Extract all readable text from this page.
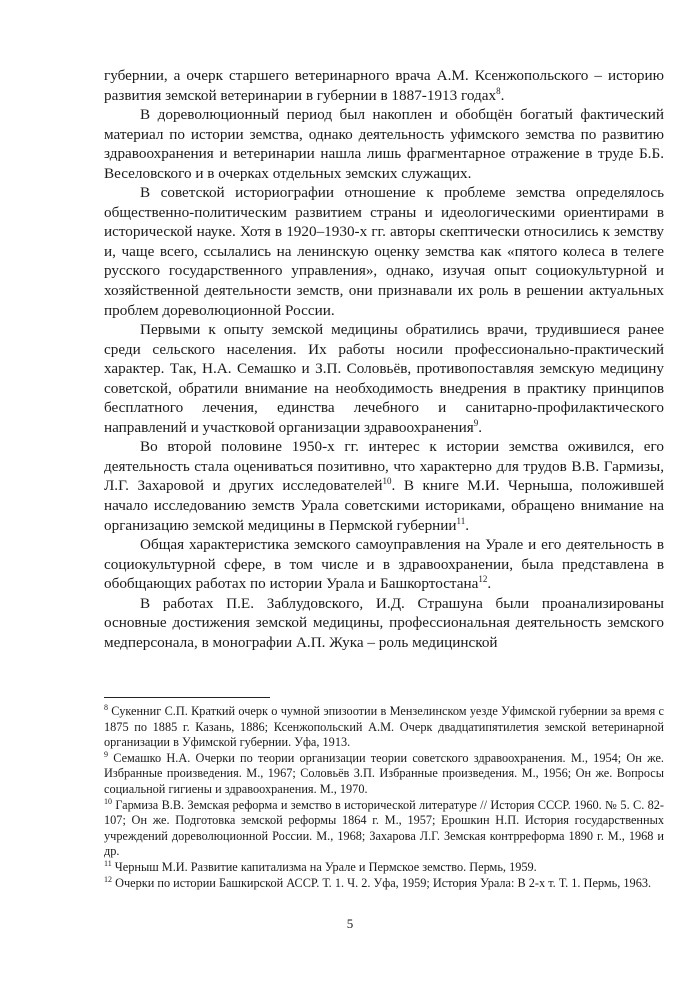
губернии, а очерк старшего ветеринарного врача А.М. Ксенжопольского – историю развития земской ветеринарии в губернии в 1887-1913 годах$^8$.

В дореволюционный период был накоплен и обобщён богатый фактический материал по истории земства, однако деятельность уфимского земства по развитию здравоохранения и ветеринарии нашла лишь фрагментарное отражение в труде Б.Б. Веселовского и в очерках отдельных земских служащих.

В советской историографии отношение к проблеме земства определялось общественно-политическим развитием страны и идеологическими ориентирами в исторической науке. Хотя в 1920–1930-х гг. авторы скептически относились к земству и, чаще всего, ссылались на ленинскую оценку земства как «пятого колеса в телеге русского государственного управления», однако, изучая опыт социокультурной и хозяйственной деятельности земств, они признавали их роль в решении актуальных проблем дореволюционной России.

Первыми к опыту земской медицины обратились врачи, трудившиеся ранее среди сельского населения. Их работы носили профессионально-практический характер. Так, Н.А. Семашко и З.П. Соловьёв, противопоставляя земскую медицину советской, обратили внимание на необходимость внедрения в практику принципов бесплатного лечения, единства лечебного и санитарно-профилактического направлений и участковой организации здравоохранения$^9$.

Во второй половине 1950-х гг. интерес к истории земства оживился, его деятельность стала оцениваться позитивно, что характерно для трудов В.В. Гармизы, Л.Г. Захаровой и других исследователей$^{10}$. В книге М.И. Черныша, положившей начало исследованию земств Урала советскими историками, обращено внимание на организацию земской медицины в Пермской губернии$^{11}$.

Общая характеристика земского самоуправления на Урале и его деятельность в социокультурной сфере, в том числе и в здравоохранении, была представлена в обобщающих работах по истории Урала и Башкортостана$^{12}$.

В работах П.Е. Заблудовского, И.Д. Страшуна были проанализированы основные достижения земской медицины, профессиональная деятельность земского медперсонала, в монографии А.П. Жука – роль медицинской

$^8$ Сукенниг С.П. Краткий очерк о чумной эпизоотии в Мензелинском уезде Уфимской губернии за время с 1875 по 1885 г. Казань, 1886; Ксенжопольский А.М. Очерк двадцатипятилетия земской ветеринарной организации в Уфимской губернии. Уфа, 1913.

$^9$ Семашко Н.А. Очерки по теории организации теории советского здравоохранения. М., 1954; Он же. Избранные произведения. М., 1967; Соловьёв З.П. Избранные произведения. М., 1956; Он же. Вопросы социальной гигиены и здравоохранения. М., 1970.

$^{10}$ Гармиза В.В. Земская реформа и земство в исторической литературе // История СССР. 1960. № 5. С. 82-107; Он же. Подготовка земской реформы 1864 г. М., 1957; Ерошкин Н.П. История государственных учреждений дореволюционной России. М., 1968; Захарова Л.Г. Земская контрреформа 1890 г. М., 1968 и др.

$^{11}$ Черныш М.И. Развитие капитализма на Урале и Пермское земство. Пермь, 1959.

$^{12}$ Очерки по истории Башкирской АССР. Т. 1. Ч. 2. Уфа, 1959; История Урала: В 2-х т. Т. 1. Пермь, 1963.

5
